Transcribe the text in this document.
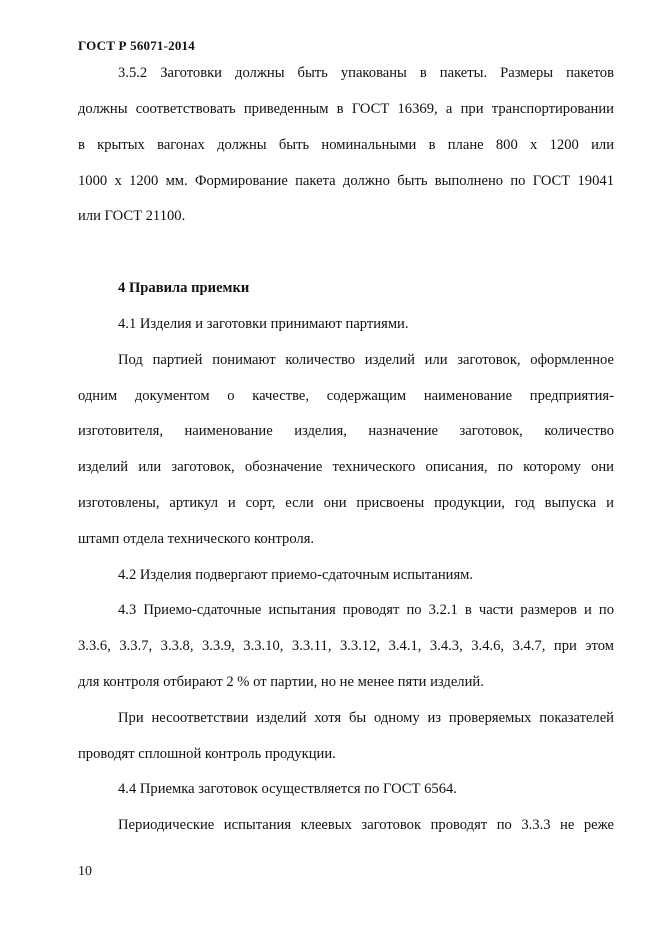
ГОСТ Р 56071-2014
3.5.2 Заготовки должны быть упакованы в пакеты. Размеры пакетов
должны соответствовать приведенным в ГОСТ 16369, а при транспортировании
в крытых вагонах должны быть номинальными в плане 800 х 1200 или
1000 х 1200 мм. Формирование пакета должно быть выполнено по ГОСТ 19041
или ГОСТ 21100.
4 Правила приемки
4.1 Изделия и заготовки принимают партиями.
Под партией понимают количество изделий или заготовок, оформленное
одним документом о качестве, содержащим наименование предприятия-
изготовителя, наименование изделия, назначение заготовок, количество
изделий или заготовок, обозначение технического описания, по которому они
изготовлены, артикул и сорт, если они присвоены продукции, год выпуска и
штамп отдела технического контроля.
4.2 Изделия подвергают приемо-сдаточным испытаниям.
4.3 Приемо-сдаточные испытания проводят по 3.2.1 в части размеров и по
3.3.6, 3.3.7, 3.3.8, 3.3.9, 3.3.10, 3.3.11, 3.3.12, 3.4.1, 3.4.3, 3.4.6, 3.4.7, при этом
для контроля отбирают 2 % от партии, но не менее пяти изделий.
При несоответствии изделий хотя бы одному из проверяемых показателей
проводят сплошной контроль продукции.
4.4 Приемка заготовок осуществляется по ГОСТ 6564.
Периодические испытания клеевых заготовок проводят по 3.3.3 не реже
10
